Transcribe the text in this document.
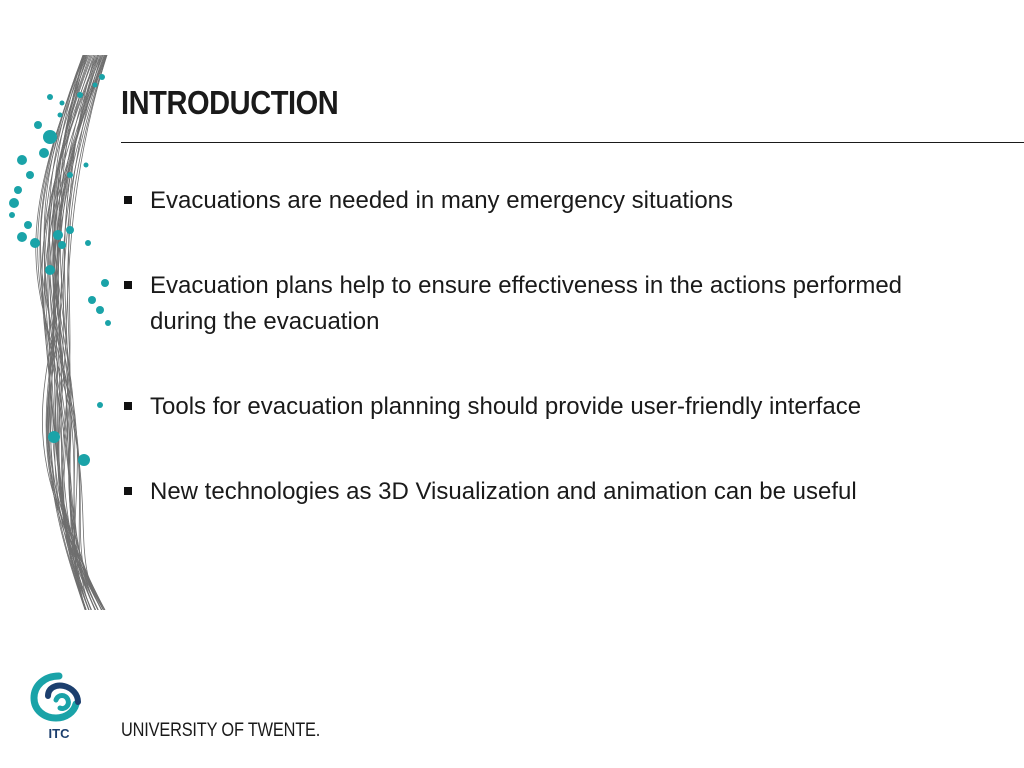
INTRODUCTION
Evacuations are needed in many emergency situations
Evacuation plans help to ensure effectiveness in the actions performed during the evacuation
Tools for evacuation planning should provide user-friendly interface
New technologies as 3D Visualization and animation can be useful
ITC	UNIVERSITY OF TWENTE.
